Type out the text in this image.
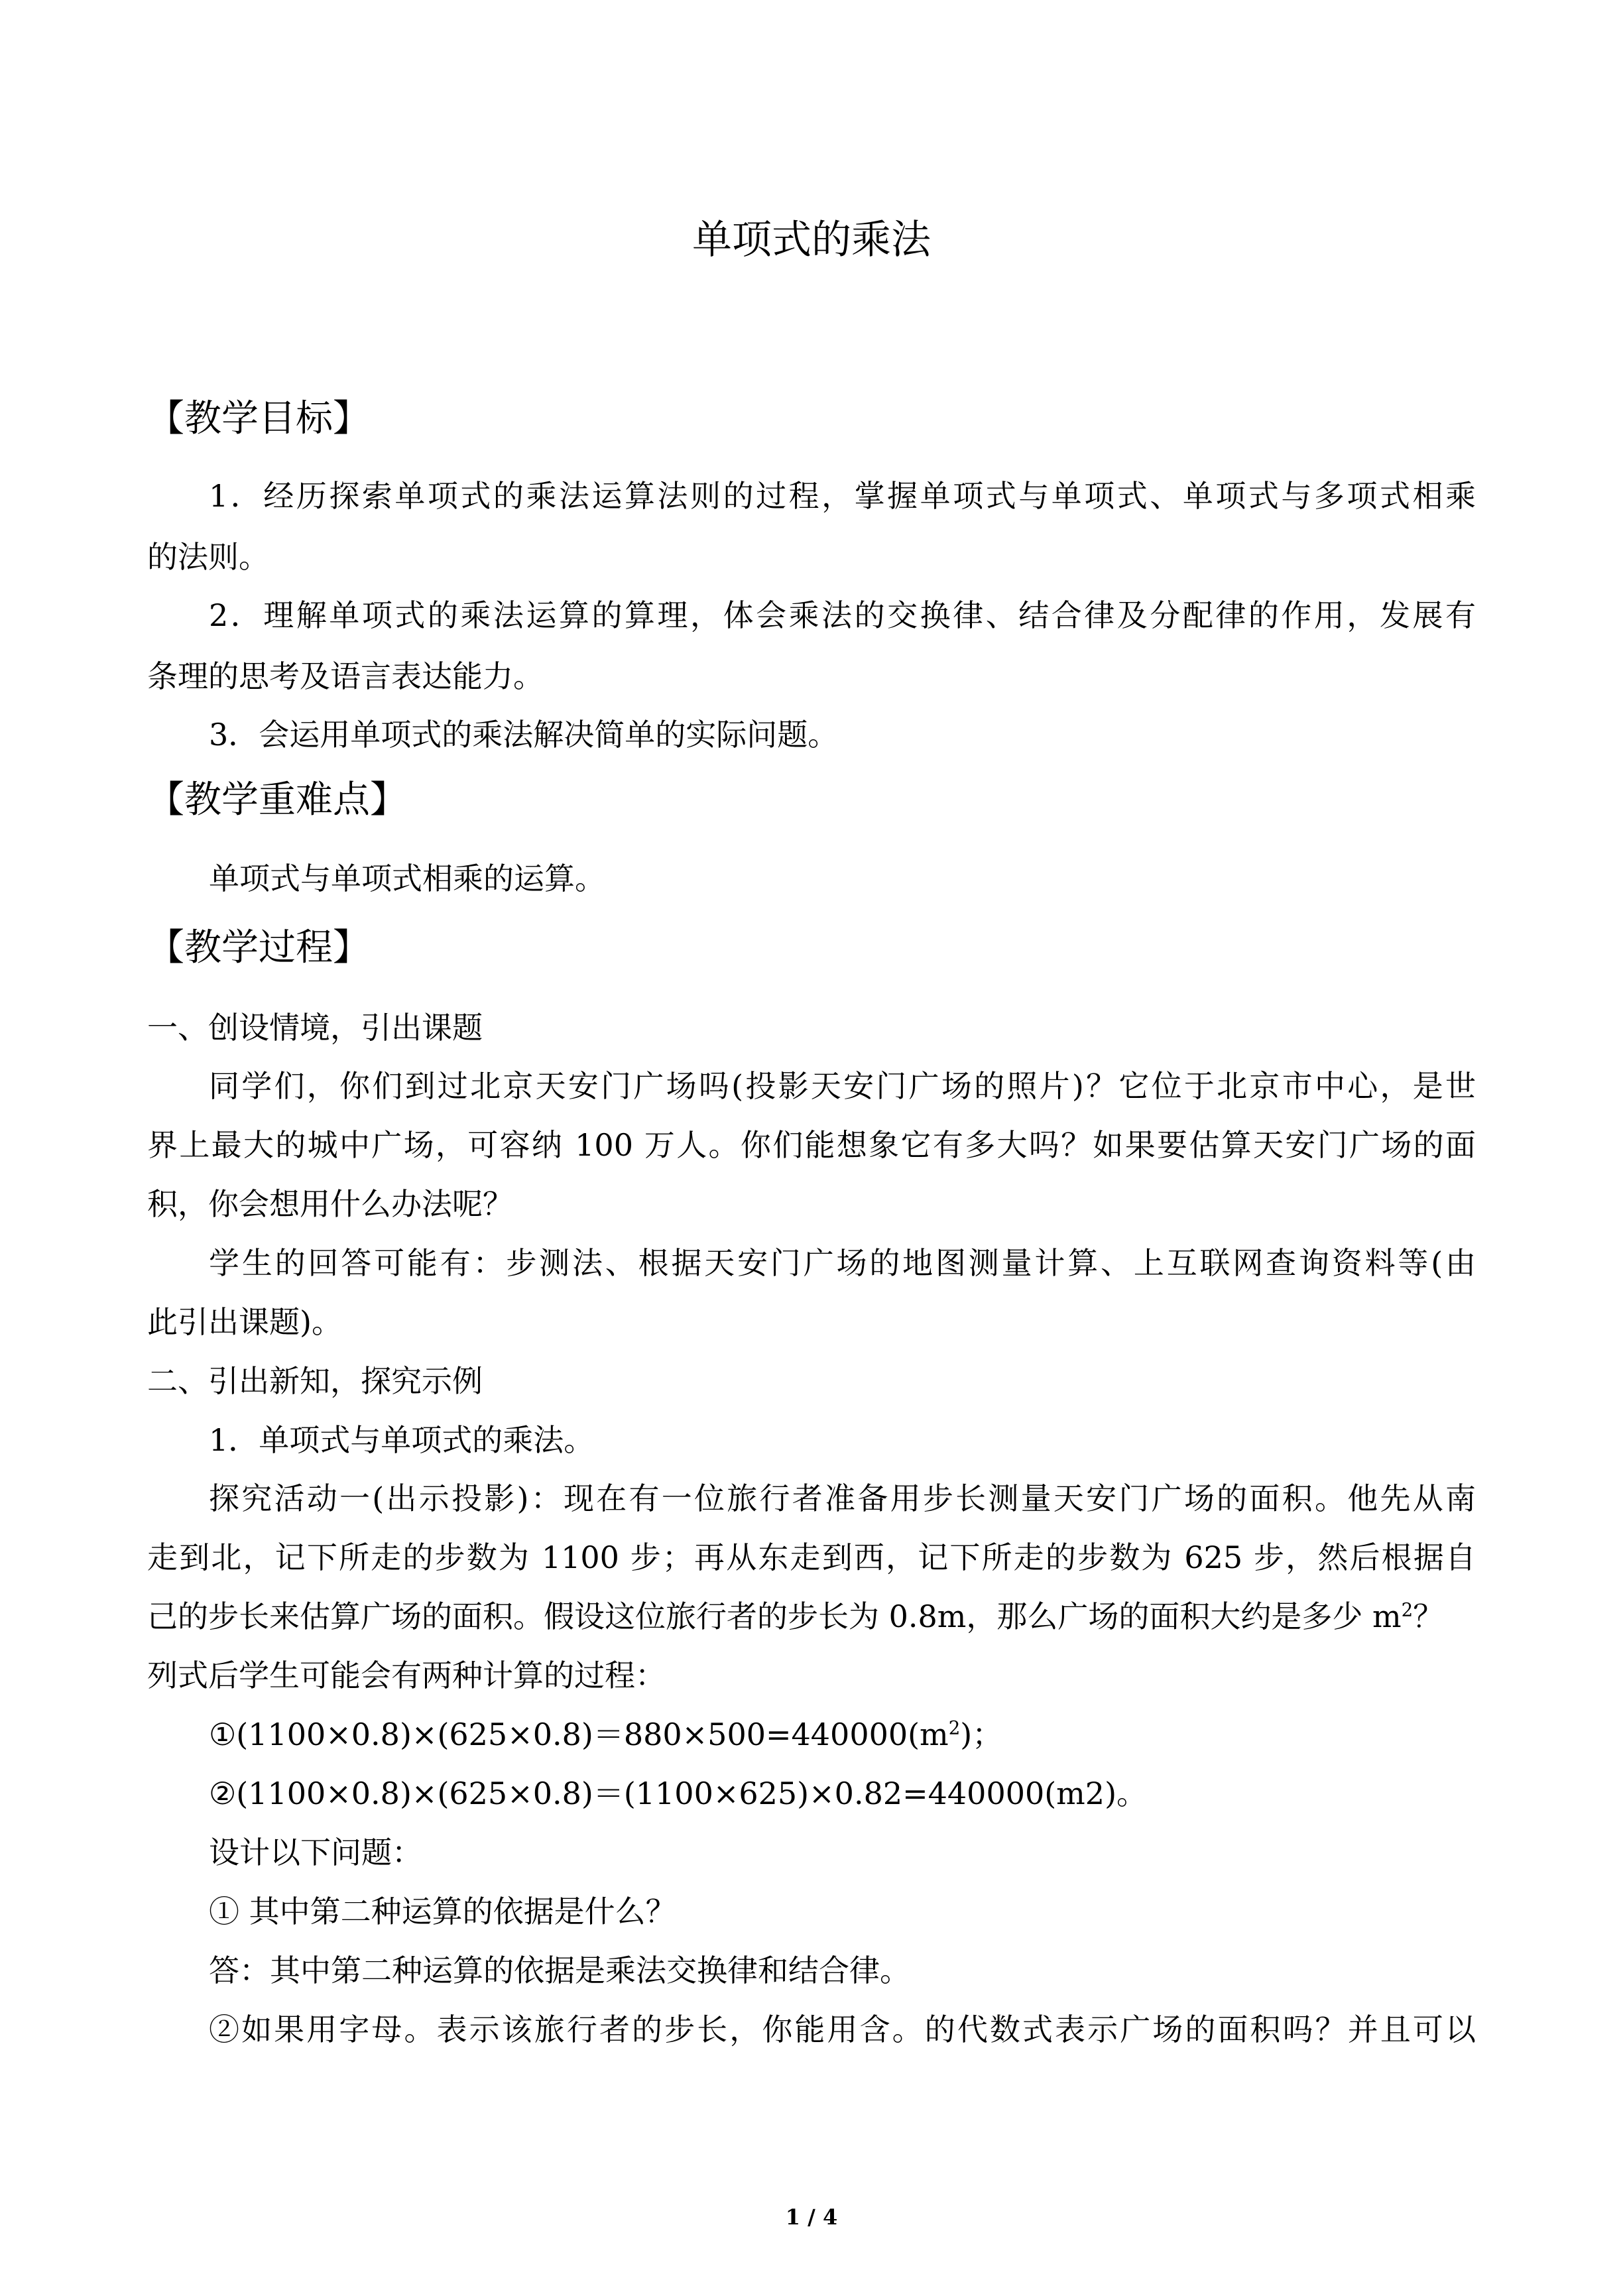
单项式的乘法
【教学目标】
1．经历探索单项式的乘法运算法则的过程，掌握单项式与单项式、单项式与多项式相乘
的法则。
2．理解单项式的乘法运算的算理，体会乘法的交换律、结合律及分配律的作用，发展有
条理的思考及语言表达能力。
3．会运用单项式的乘法解决简单的实际问题。
【教学重难点】
单项式与单项式相乘的运算。
【教学过程】
一、创设情境，引出课题
同学们，你们到过北京天安门广场吗(投影天安门广场的照片)？它位于北京市中心，是世
界上最大的城中广场，可容纳 100 万人。你们能想象它有多大吗？如果要估算天安门广场的面
积，你会想用什么办法呢？
学生的回答可能有：步测法、根据天安门广场的地图测量计算、上互联网查询资料等(由
此引出课题)。
二、引出新知，探究示例
1．单项式与单项式的乘法。
探究活动一(出示投影)：现在有一位旅行者准备用步长测量天安门广场的面积。他先从南
走到北，记下所走的步数为 1100 步；再从东走到西，记下所走的步数为 625 步，然后根据自
己的步长来估算广场的面积。假设这位旅行者的步长为 0.8m，那么广场的面积大约是多少 $m^2$？
列式后学生可能会有两种计算的过程：
$①(1100\times 0.8)\times(625\times 0.8)=880\times 500=440000(m^2)$；
②(1100×0.8)×(625×0.8)＝(1100×625)×0.82=440000(m2)。
设计以下问题：
① 其中第二种运算的依据是什么？
答：其中第二种运算的依据是乘法交换律和结合律。
②如果用字母。表示该旅行者的步长，你能用含。的代数式表示广场的面积吗？并且可以
1 / 4
